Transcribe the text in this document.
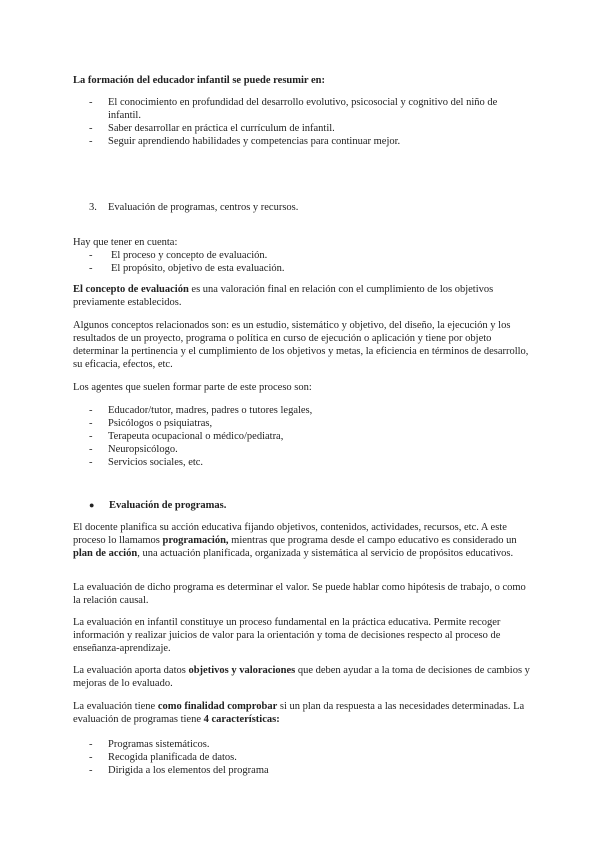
La formación del educador infantil se puede resumir en:
- El conocimiento en profundidad del desarrollo evolutivo, psicosocial y cognitivo del niño de infantil.
- Saber desarrollar en práctica el currículum de infantil.
- Seguir aprendiendo habilidades y competencias para continuar mejor.
3. Evaluación de programas, centros y recursos.
Hay que tener en cuenta:
- El proceso y concepto de evaluación.
- El propósito, objetivo de esta evaluación.
El concepto de evaluación es una valoración final en relación con el cumplimiento de los objetivos previamente establecidos.
Algunos conceptos relacionados son: es un estudio, sistemático y objetivo, del diseño, la ejecución y los resultados de un proyecto, programa o política en curso de ejecución o aplicación y tiene por objeto determinar la pertinencia y el cumplimiento de los objetivos y metas, la eficiencia en términos de desarrollo, su eficacia, efectos, etc.
Los agentes que suelen formar parte de este proceso son:
- Educador/tutor, madres, padres o tutores legales,
- Psicólogos o psiquiatras,
- Terapeuta ocupacional o médico/pediatra,
- Neuropsicólogo.
- Servicios sociales, etc.
● Evaluación de programas.
El docente planifica su acción educativa fijando objetivos, contenidos, actividades, recursos, etc. A este proceso lo llamamos programación, mientras que programa desde el campo educativo es considerado un plan de acción, una actuación planificada, organizada y sistemática al servicio de propósitos educativos.
La evaluación de dicho programa es determinar el valor. Se puede hablar como hipótesis de trabajo, o como la relación causal.
La evaluación en infantil constituye un proceso fundamental en la práctica educativa. Permite recoger información y realizar juicios de valor para la orientación y toma de decisiones respecto al proceso de enseñanza-aprendizaje.
La evaluación aporta datos objetivos y valoraciones que deben ayudar a la toma de decisiones de cambios y mejoras de lo evaluado.
La evaluación tiene como finalidad comprobar si un plan da respuesta a las necesidades determinadas. La evaluación de programas tiene 4 características:
- Programas sistemáticos.
- Recogida planificada de datos.
- Dirigida a los elementos del programa
